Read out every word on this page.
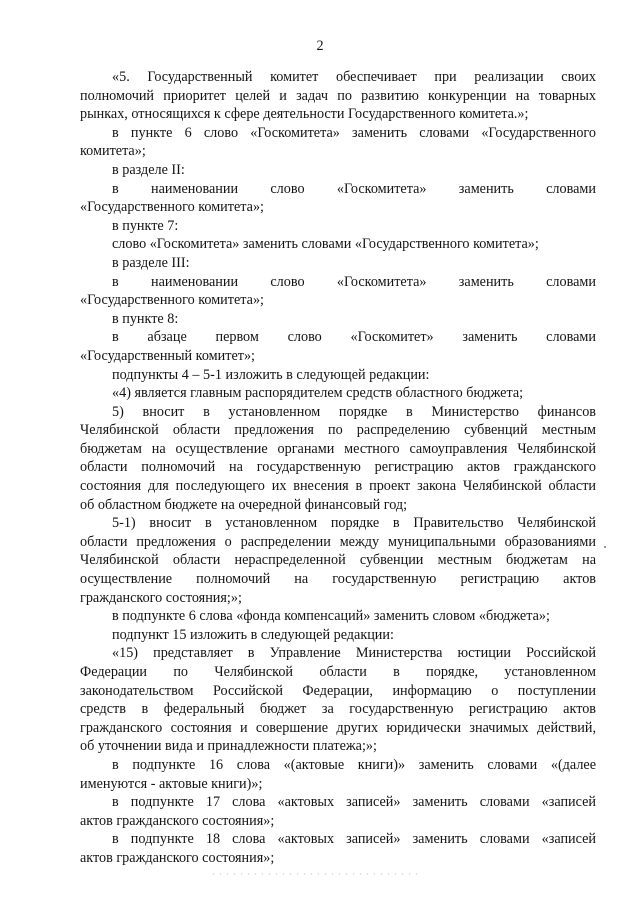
2

«5. Государственный комитет обеспечивает при реализации своих
полномочий приоритет целей и задач по развитию конкуренции на товарных
рынках, относящихся к сфере деятельности Государственного комитета.»;

в пункте 6 слово «Госкомитета» заменить словами «Государственного
комитета»;

в разделе II:

в наименовании слово «Госкомитета» заменить словами

«Государственного комитета»;

в пункте 7:

слово «Госкомитета» заменить словами «Государственного комитета»;

в разделе III:

в наименовании слово «Госкомитета» заменить словами

«Государственного комитета»;

в пункте 8:

в абзаце первом слово «Госкомитет» заменить словами

«Государственный комитет»;

подпункты 4 – 5-1 изложить в следующей редакции:

«4) является главным распорядителем средств областного бюджета;

5) вносит в установленном порядке в Министерство финансов
Челябинской области предложения по распределению субвенций местным
бюджетам на осуществление органами местного самоуправления Челябинской
области полномочий на государственную регистрацию актов гражданского
состояния для последующего их внесения в проект закона Челябинской области
об областном бюджете на очередной финансовый год;

5-1) вносит в установленном порядке в Правительство Челябинской
области предложения о распределении между муниципальными образованиями
Челябинской области нераспределенной субвенции местным бюджетам на
осуществление полномочий на государственную регистрацию актов
гражданского состояния;»;

в подпункте 6 слова «фонда компенсаций» заменить словом «бюджета»;

подпункт 15 изложить в следующей редакции:

«15) представляет в Управление Министерства юстиции Российской
Федерации по Челябинской области в порядке, установленном
законодательством Российской Федерации, информацию о поступлении
средств в федеральный бюджет за государственную регистрацию актов
гражданского состояния и совершение других юридически значимых действий,
об уточнении вида и принадлежности платежа;»;

в подпункте 16 слова «(актовые книги)» заменить словами «(далее
именуются - актовые книги)»;

в подпункте 17 слова «актовых записей» заменить словами «записей
актов гражданского состояния»;

в подпункте 18 слова «актовых записей» заменить словами «записей
актов гражданского состояния»;
